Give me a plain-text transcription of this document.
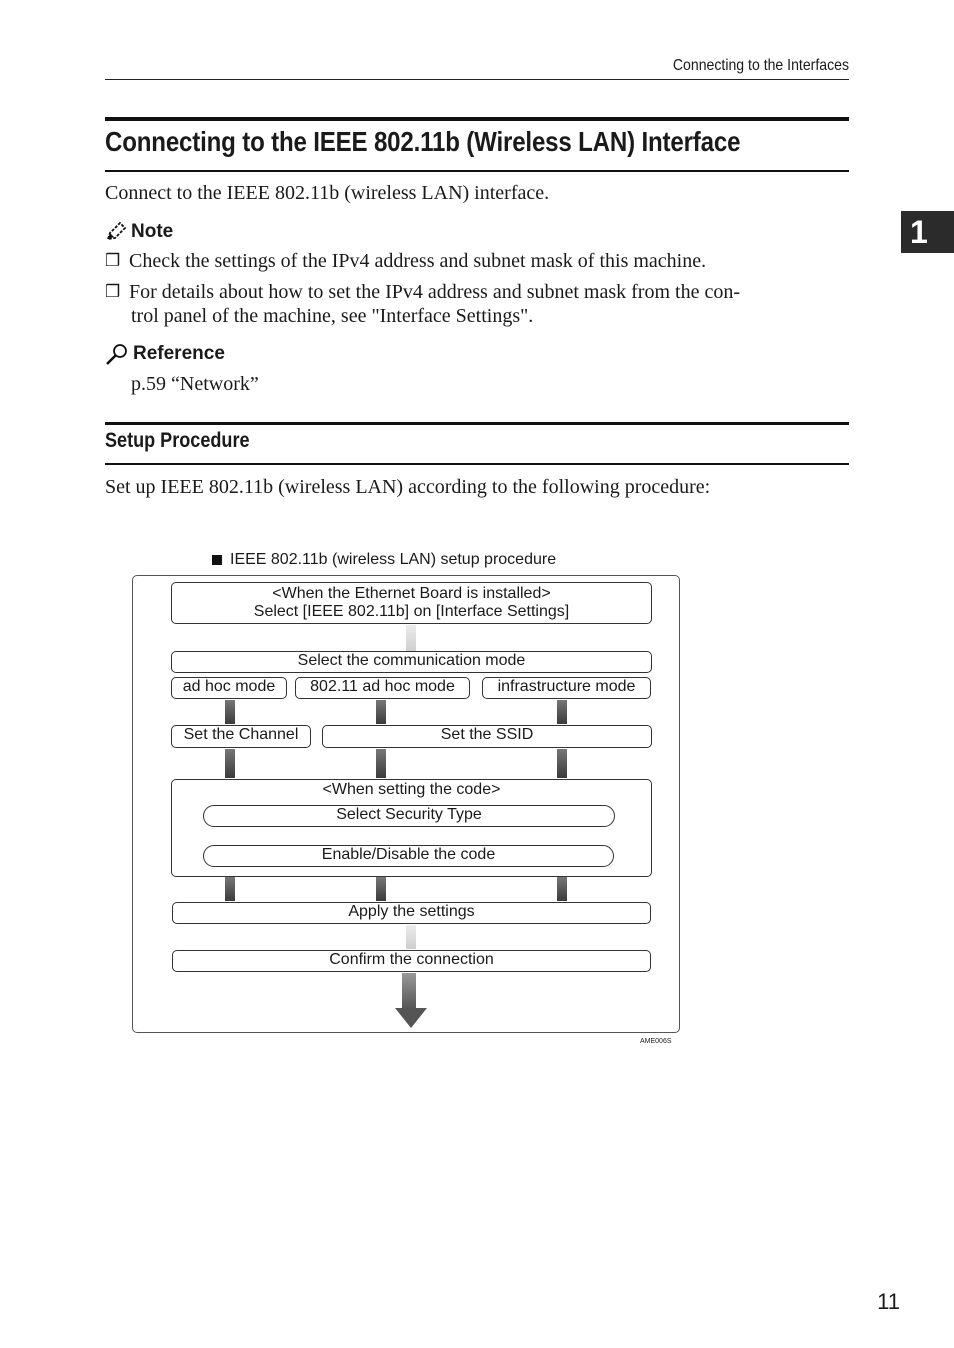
Connecting to the Interfaces
1
Connecting to the IEEE 802.11b (Wireless LAN) Interface
Connect to the IEEE 802.11b (wireless LAN) interface.
Note
❒ Check the settings of the IPv4 address and subnet mask of this machine.
❒ For details about how to set the IPv4 address and subnet mask from the con-
trol panel of the machine, see "Interface Settings".
Reference
p.59 “Network”
Setup Procedure
Set up IEEE 802.11b (wireless LAN) according to the following procedure:
IEEE 802.11b (wireless LAN) setup procedure
<When the Ethernet Board is installed>
Select [IEEE 802.11b] on [Interface Settings]
Select the communication mode
ad hoc mode	802.11 ad hoc mode	infrastructure mode
Set the Channel	Set the SSID
<When setting the code>
Select Security Type
Enable/Disable the code
Apply the settings
Confirm the connection
AME006S
11
